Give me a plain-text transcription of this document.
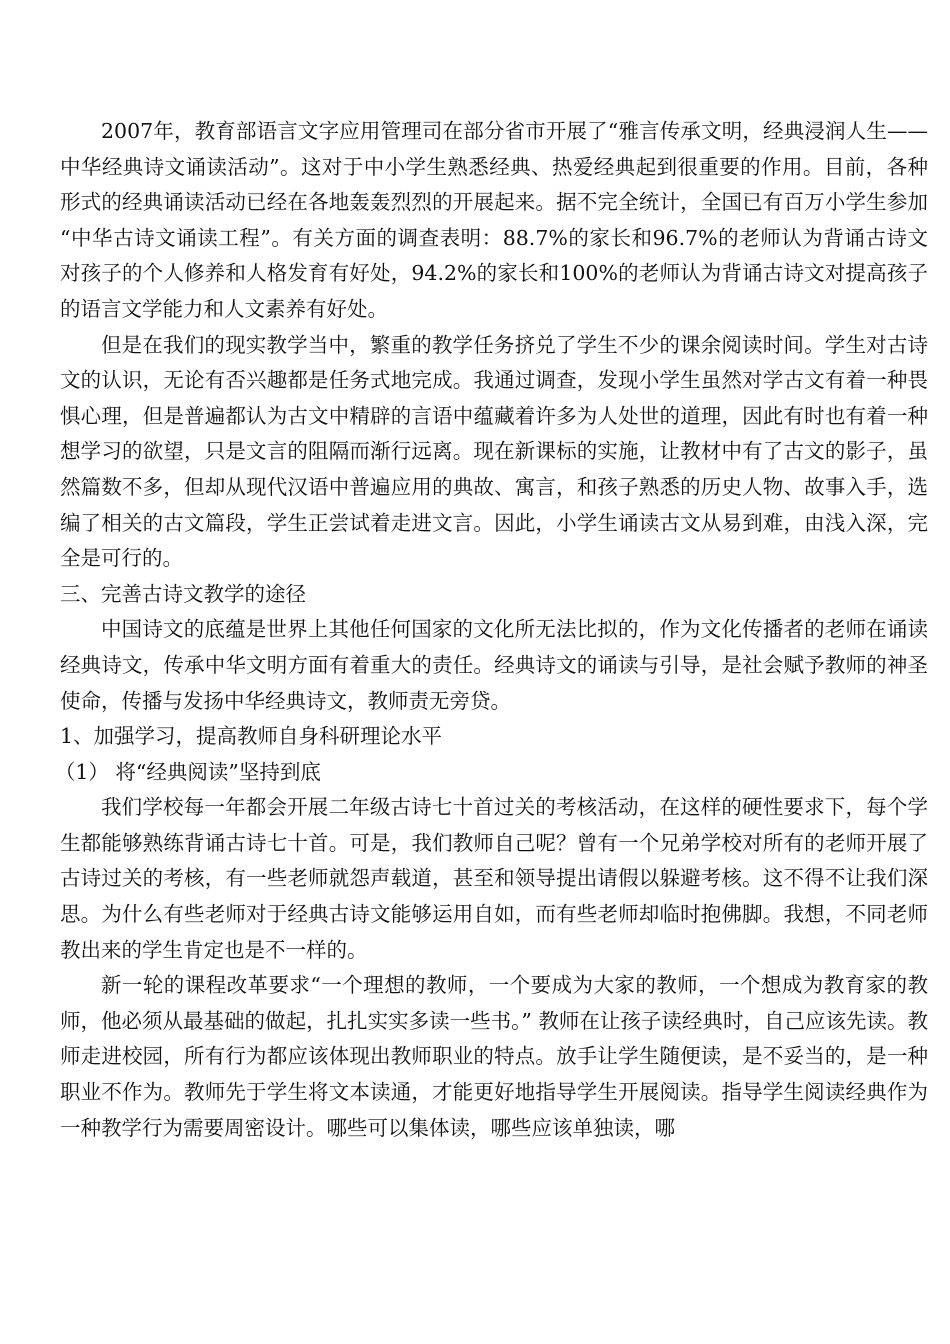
2007年，教育部语言文字应用管理司在部分省市开展了“雅言传承文明，经典浸润人生——中华经典诗文诵读活动”。这对于中小学生熟悉经典、热爱经典起到很重要的作用。目前，各种形式的经典诵读活动已经在各地轰轰烈烈的开展起来。据不完全统计，全国已有百万小学生参加“中华古诗文诵读工程”。有关方面的调查表明：88.7%的家长和96.7%的老师认为背诵古诗文对孩子的个人修养和人格发育有好处，94.2%的家长和100%的老师认为背诵古诗文对提高孩子的语言文学能力和人文素养有好处。

但是在我们的现实教学当中，繁重的教学任务挤兑了学生不少的课余阅读时间。学生对古诗文的认识，无论有否兴趣都是任务式地完成。我通过调查，发现小学生虽然对学古文有着一种畏惧心理，但是普遍都认为古文中精辟的言语中蕴藏着许多为人处世的道理，因此有时也有着一种想学习的欲望，只是文言的阻隔而渐行远离。现在新课标的实施，让教材中有了古文的影子，虽然篇数不多，但却从现代汉语中普遍应用的典故、寓言，和孩子熟悉的历史人物、故事入手，选编了相关的古文篇段，学生正尝试着走进文言。因此，小学生诵读古文从易到难，由浅入深，完全是可行的。

三、完善古诗文教学的途径

中国诗文的底蕴是世界上其他任何国家的文化所无法比拟的，作为文化传播者的老师在诵读经典诗文，传承中华文明方面有着重大的责任。经典诗文的诵读与引导，是社会赋予教师的神圣使命，传播与发扬中华经典诗文，教师责无旁贷。

1、加强学习，提高教师自身科研理论水平

（1） 将“经典阅读”坚持到底

我们学校每一年都会开展二年级古诗七十首过关的考核活动，在这样的硬性要求下，每个学生都能够熟练背诵古诗七十首。可是，我们教师自己呢？曾有一个兄弟学校对所有的老师开展了古诗过关的考核，有一些老师就怨声载道，甚至和领导提出请假以躲避考核。这不得不让我们深思。为什么有些老师对于经典古诗文能够运用自如，而有些老师却临时抱佛脚。我想，不同老师教出来的学生肯定也是不一样的。

新一轮的课程改革要求“一个理想的教师，一个要成为大家的教师，一个想成为教育家的教师，他必须从最基础的做起，扎扎实实多读一些书。” 教师在让孩子读经典时，自己应该先读。教师走进校园，所有行为都应该体现出教师职业的特点。放手让学生随便读，是不妥当的，是一种职业不作为。教师先于学生将文本读通，才能更好地指导学生开展阅读。指导学生阅读经典作为一种教学行为需要周密设计。哪些可以集体读，哪些应该单独读，哪
